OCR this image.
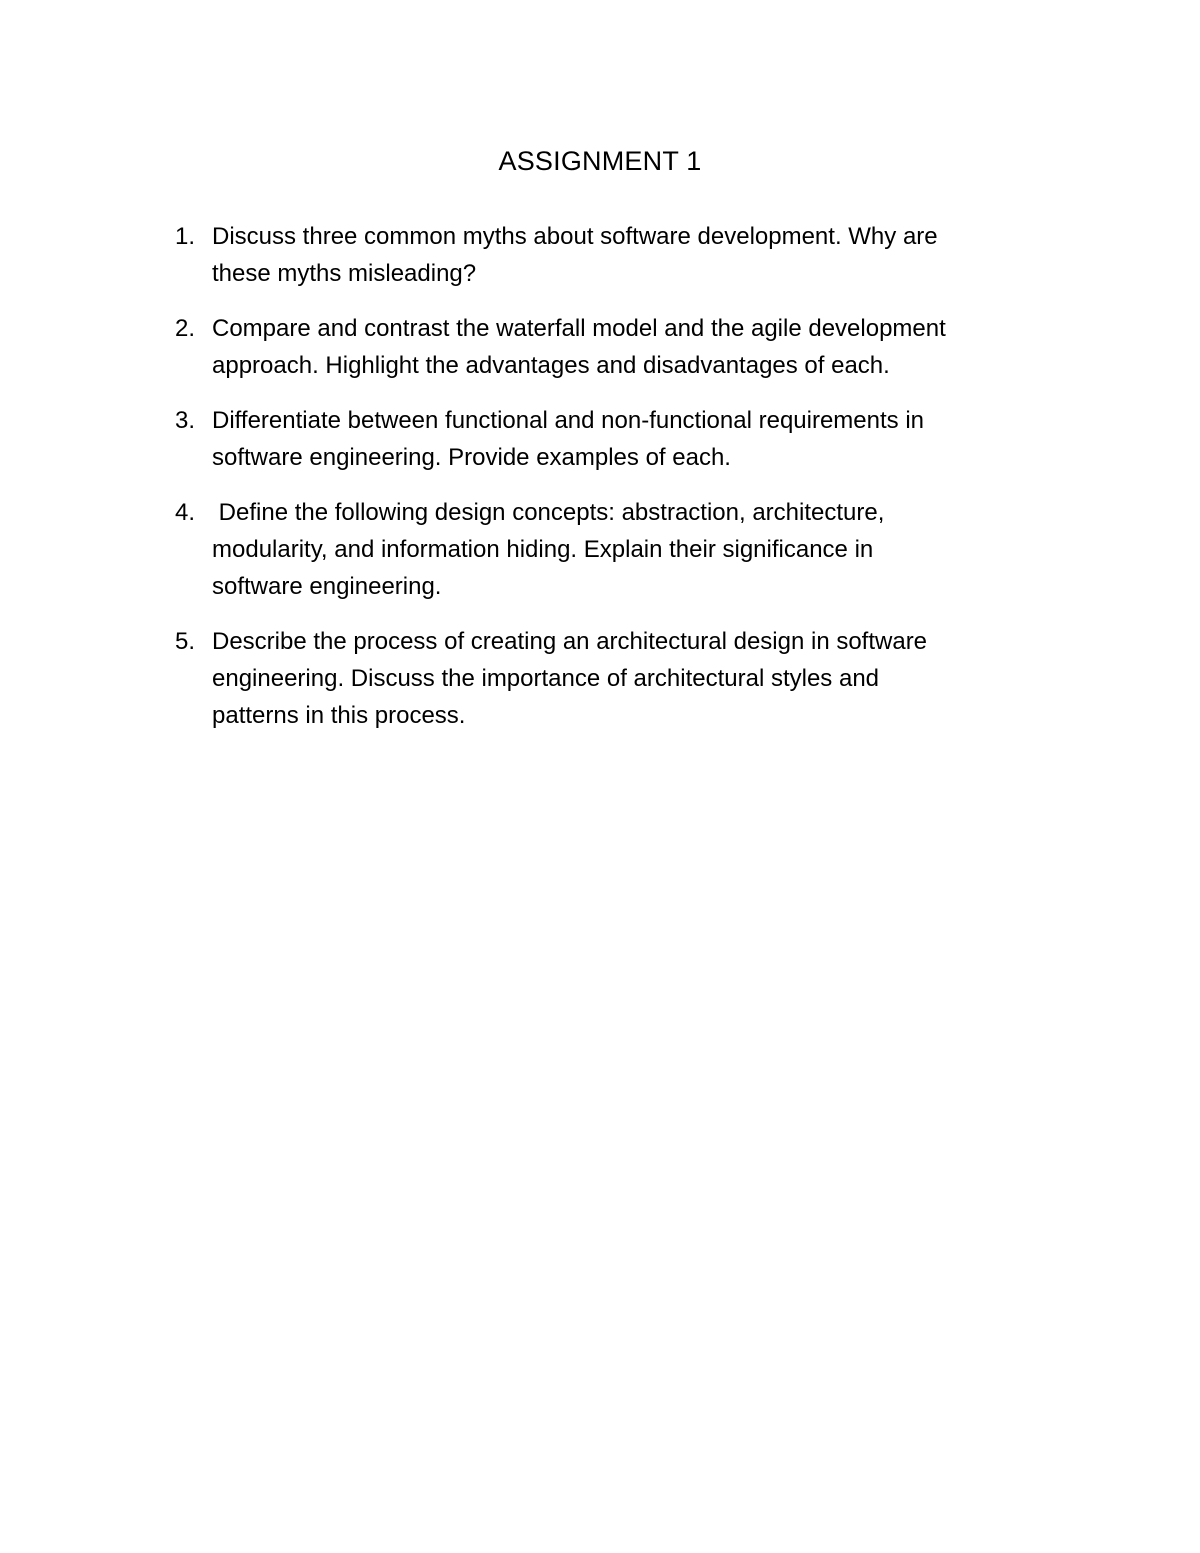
ASSIGNMENT 1
1. Discuss three common myths about software development. Why are
these myths misleading?
2. Compare and contrast the waterfall model and the agile development
approach. Highlight the advantages and disadvantages of each.
3. Differentiate between functional and non-functional requirements in
software engineering. Provide examples of each.
4. Define the following design concepts: abstraction, architecture,
modularity, and information hiding. Explain their significance in
software engineering.
5. Describe the process of creating an architectural design in software
engineering. Discuss the importance of architectural styles and
patterns in this process.
